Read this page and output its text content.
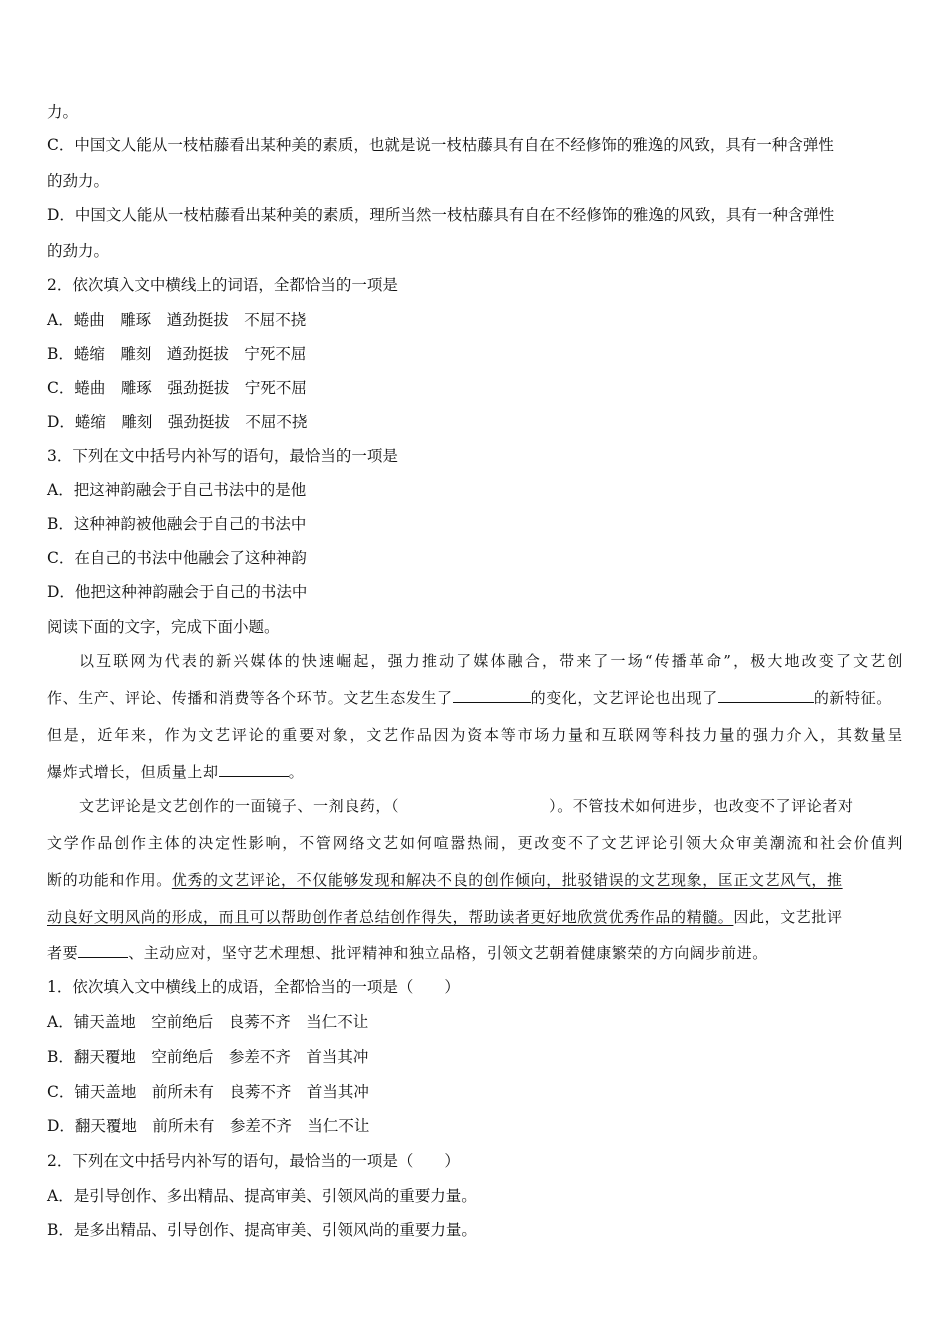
力。
C．中国文人能从一枝枯藤看出某种美的素质，也就是说一枝枯藤具有自在不经修饰的雅逸的风致，具有一种含弹性
的劲力。
D．中国文人能从一枝枯藤看出某种美的素质，理所当然一枝枯藤具有自在不经修饰的雅逸的风致，具有一种含弹性
的劲力。
2．依次填入文中横线上的词语，全都恰当的一项是
A．蜷曲　雕琢　遒劲挺拔　不屈不挠
B．蜷缩　雕刻　遒劲挺拔　宁死不屈
C．蜷曲　雕琢　强劲挺拔　宁死不屈
D．蜷缩　雕刻　强劲挺拔　不屈不挠
3．下列在文中括号内补写的语句，最恰当的一项是
A．把这神韵融会于自己书法中的是他
B．这种神韵被他融会于自己的书法中
C．在自己的书法中他融会了这种神韵
D．他把这种神韵融会于自己的书法中
阅读下面的文字，完成下面小题。
以互联网为代表的新兴媒体的快速崛起，强力推动了媒体融合，带来了一场“传播革命”，极大地改变了文艺创
作、生产、评论、传播和消费等各个环节。文艺生态发生了	的变化，文艺评论也出现了	的新特征。
但是，近年来，作为文艺评论的重要对象，文艺作品因为资本等市场力量和互联网等科技力量的强力介入，其数量呈
爆炸式增长，但质量上却	。
文艺评论是文艺创作的一面镜子、一剂良药，（	）。不管技术如何进步，也改变不了评论者对
文学作品创作主体的决定性影响，不管网络文艺如何喧嚣热闹，更改变不了文艺评论引领大众审美潮流和社会价值判
断的功能和作用。优秀的文艺评论，不仅能够发现和解决不良的创作倾向，批驳错误的文艺现象，匡正文艺风气，推
动良好文明风尚的形成，而且可以帮助创作者总结创作得失，帮助读者更好地欣赏优秀作品的精髓。因此，文艺批评
者要	、主动应对，坚守艺术理想、批评精神和独立品格，引领文艺朝着健康繁荣的方向阔步前进。
1．依次填入文中横线上的成语，全都恰当的一项是（　　）
A．铺天盖地　空前绝后　良莠不齐　当仁不让
B．翻天覆地　空前绝后　参差不齐　首当其冲
C．铺天盖地　前所未有　良莠不齐　首当其冲
D．翻天覆地　前所未有　参差不齐　当仁不让
2．下列在文中括号内补写的语句，最恰当的一项是（　　）
A．是引导创作、多出精品、提高审美、引领风尚的重要力量。
B．是多出精品、引导创作、提高审美、引领风尚的重要力量。
